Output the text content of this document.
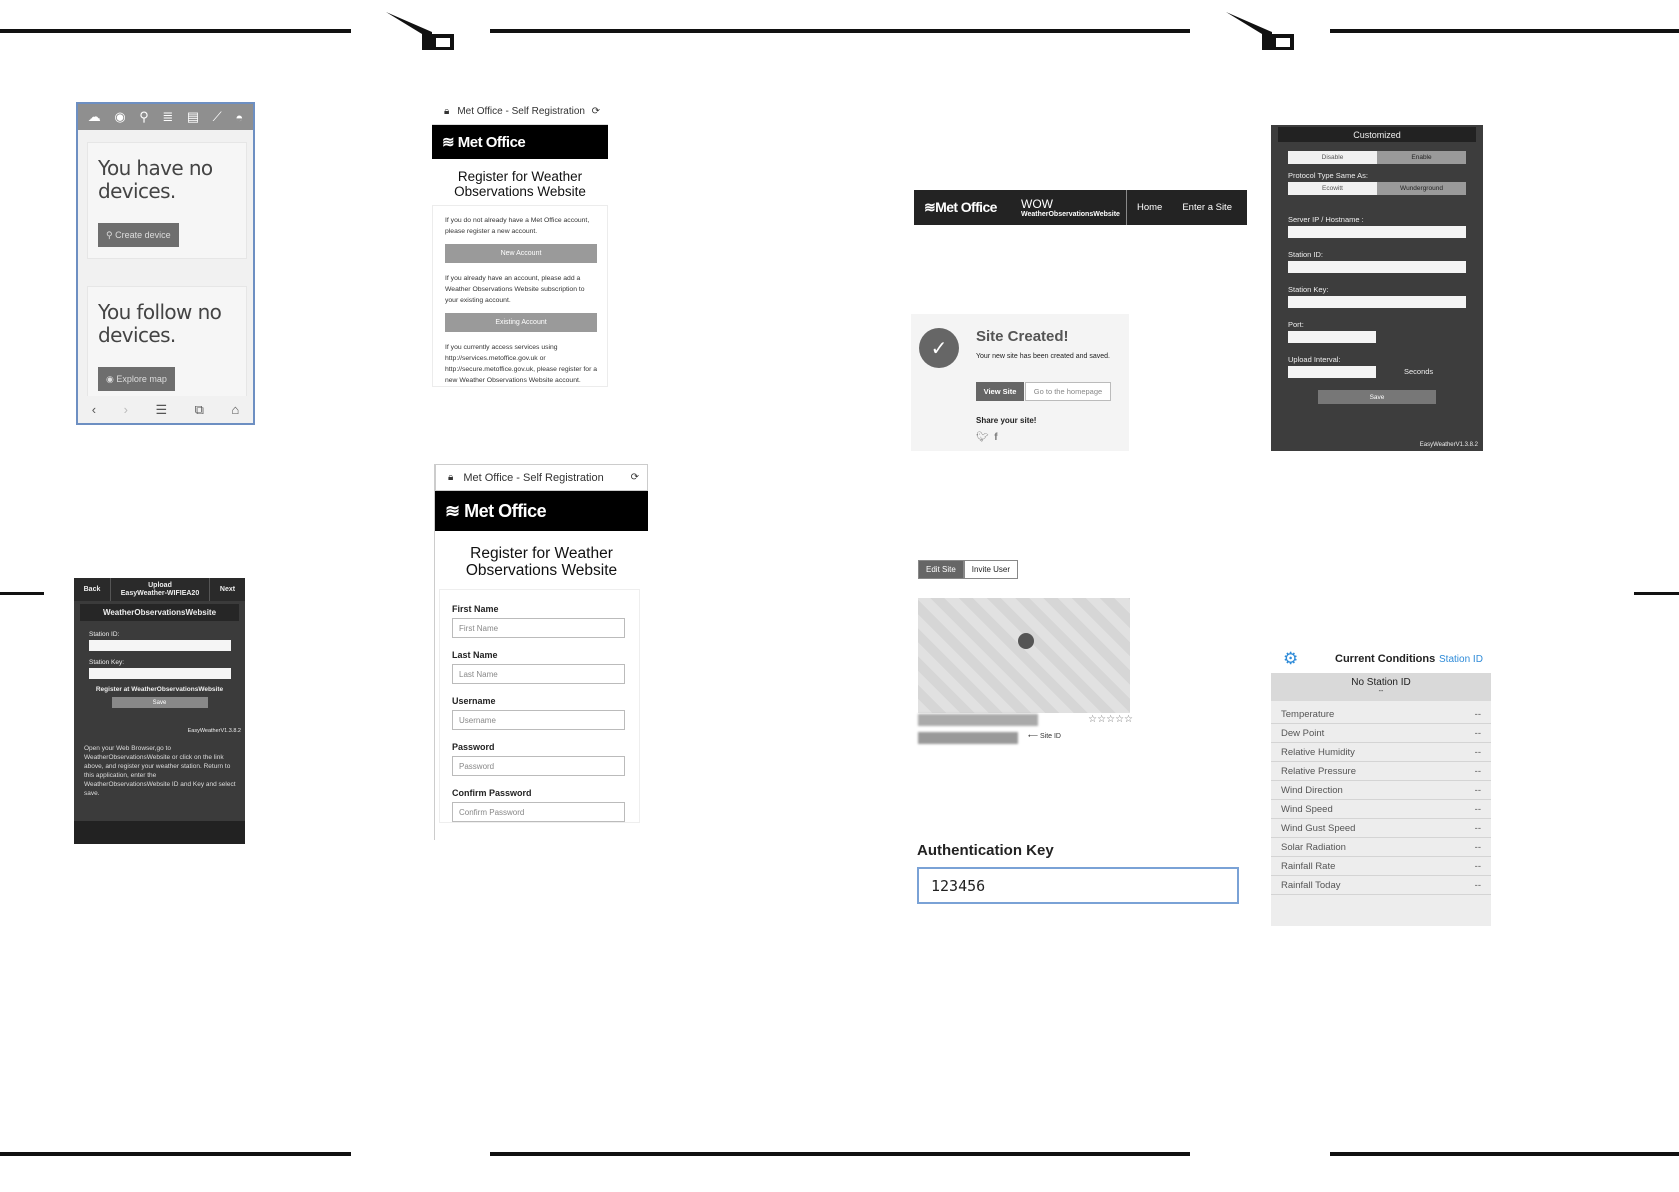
☁ ◉ ⚲ ≣ ▤ ⟋ ◓
You have no devices.
⚲ Create device
You follow no devices.
◉ Explore map
‹ › ☰ ⧉ ⌂
Back
Upload
EasyWeather-WIFIEA20	Next
WeatherObservationsWebsite
Station ID:
Station Key:
Register at WeatherObservationsWebsite
Save
EasyWeatherV1.3.8.2
Open your Web Browser,go to WeatherObservationsWebsite or click on the link above, and register your weather station. Return to this application, enter the WeatherObservationsWebsite ID and Key and select save.
🔒︎ Met Office - Self Registration ⟳
≋ Met Office
Register for Weather Observations Website

If you do not already have a Met Office account, please register a new account.

New Account

If you already have an account, please add a Weather Observations Website subscription to your existing account.

Existing Account

If you currently access services using http://services.metoffice.gov.uk or http://secure.metoffice.gov.uk, please register for a new Weather Observations Website account.

🔒︎ Met Office - Self Registration	⟳
≋ Met Office
Register for Weather Observations Website
First Name
First Name
Last Name
Last Name
Username
Username
Password
Password
Confirm Password
Confirm Password
≋Met Office	WOW
WeatherObservationsWebsite
Home	Enter a Site
✓
Site Created!
Your new site has been created and saved.
View Site	Go to the homepage
Share your site!
🐦︎ f
Edit Site	Invite User
☆☆☆☆☆
⟵ Site ID
Authentication Key
123456
Customized
Disable	Enable
Protocol Type Same As:
Ecowitt	Wunderground
Server IP / Hostname :
Station ID:
Station Key:
Port:
Upload Interval:
Seconds
Save
EasyWeatherV1.3.8.2
⚙	Current Conditions Station ID
No Station ID
--
Temperature	--
Dew Point	--
Relative Humidity	--
Relative Pressure	--
Wind Direction	--
Wind Speed	--
Wind Gust Speed	--
Solar Radiation	--
Rainfall Rate	--
Rainfall Today	--
